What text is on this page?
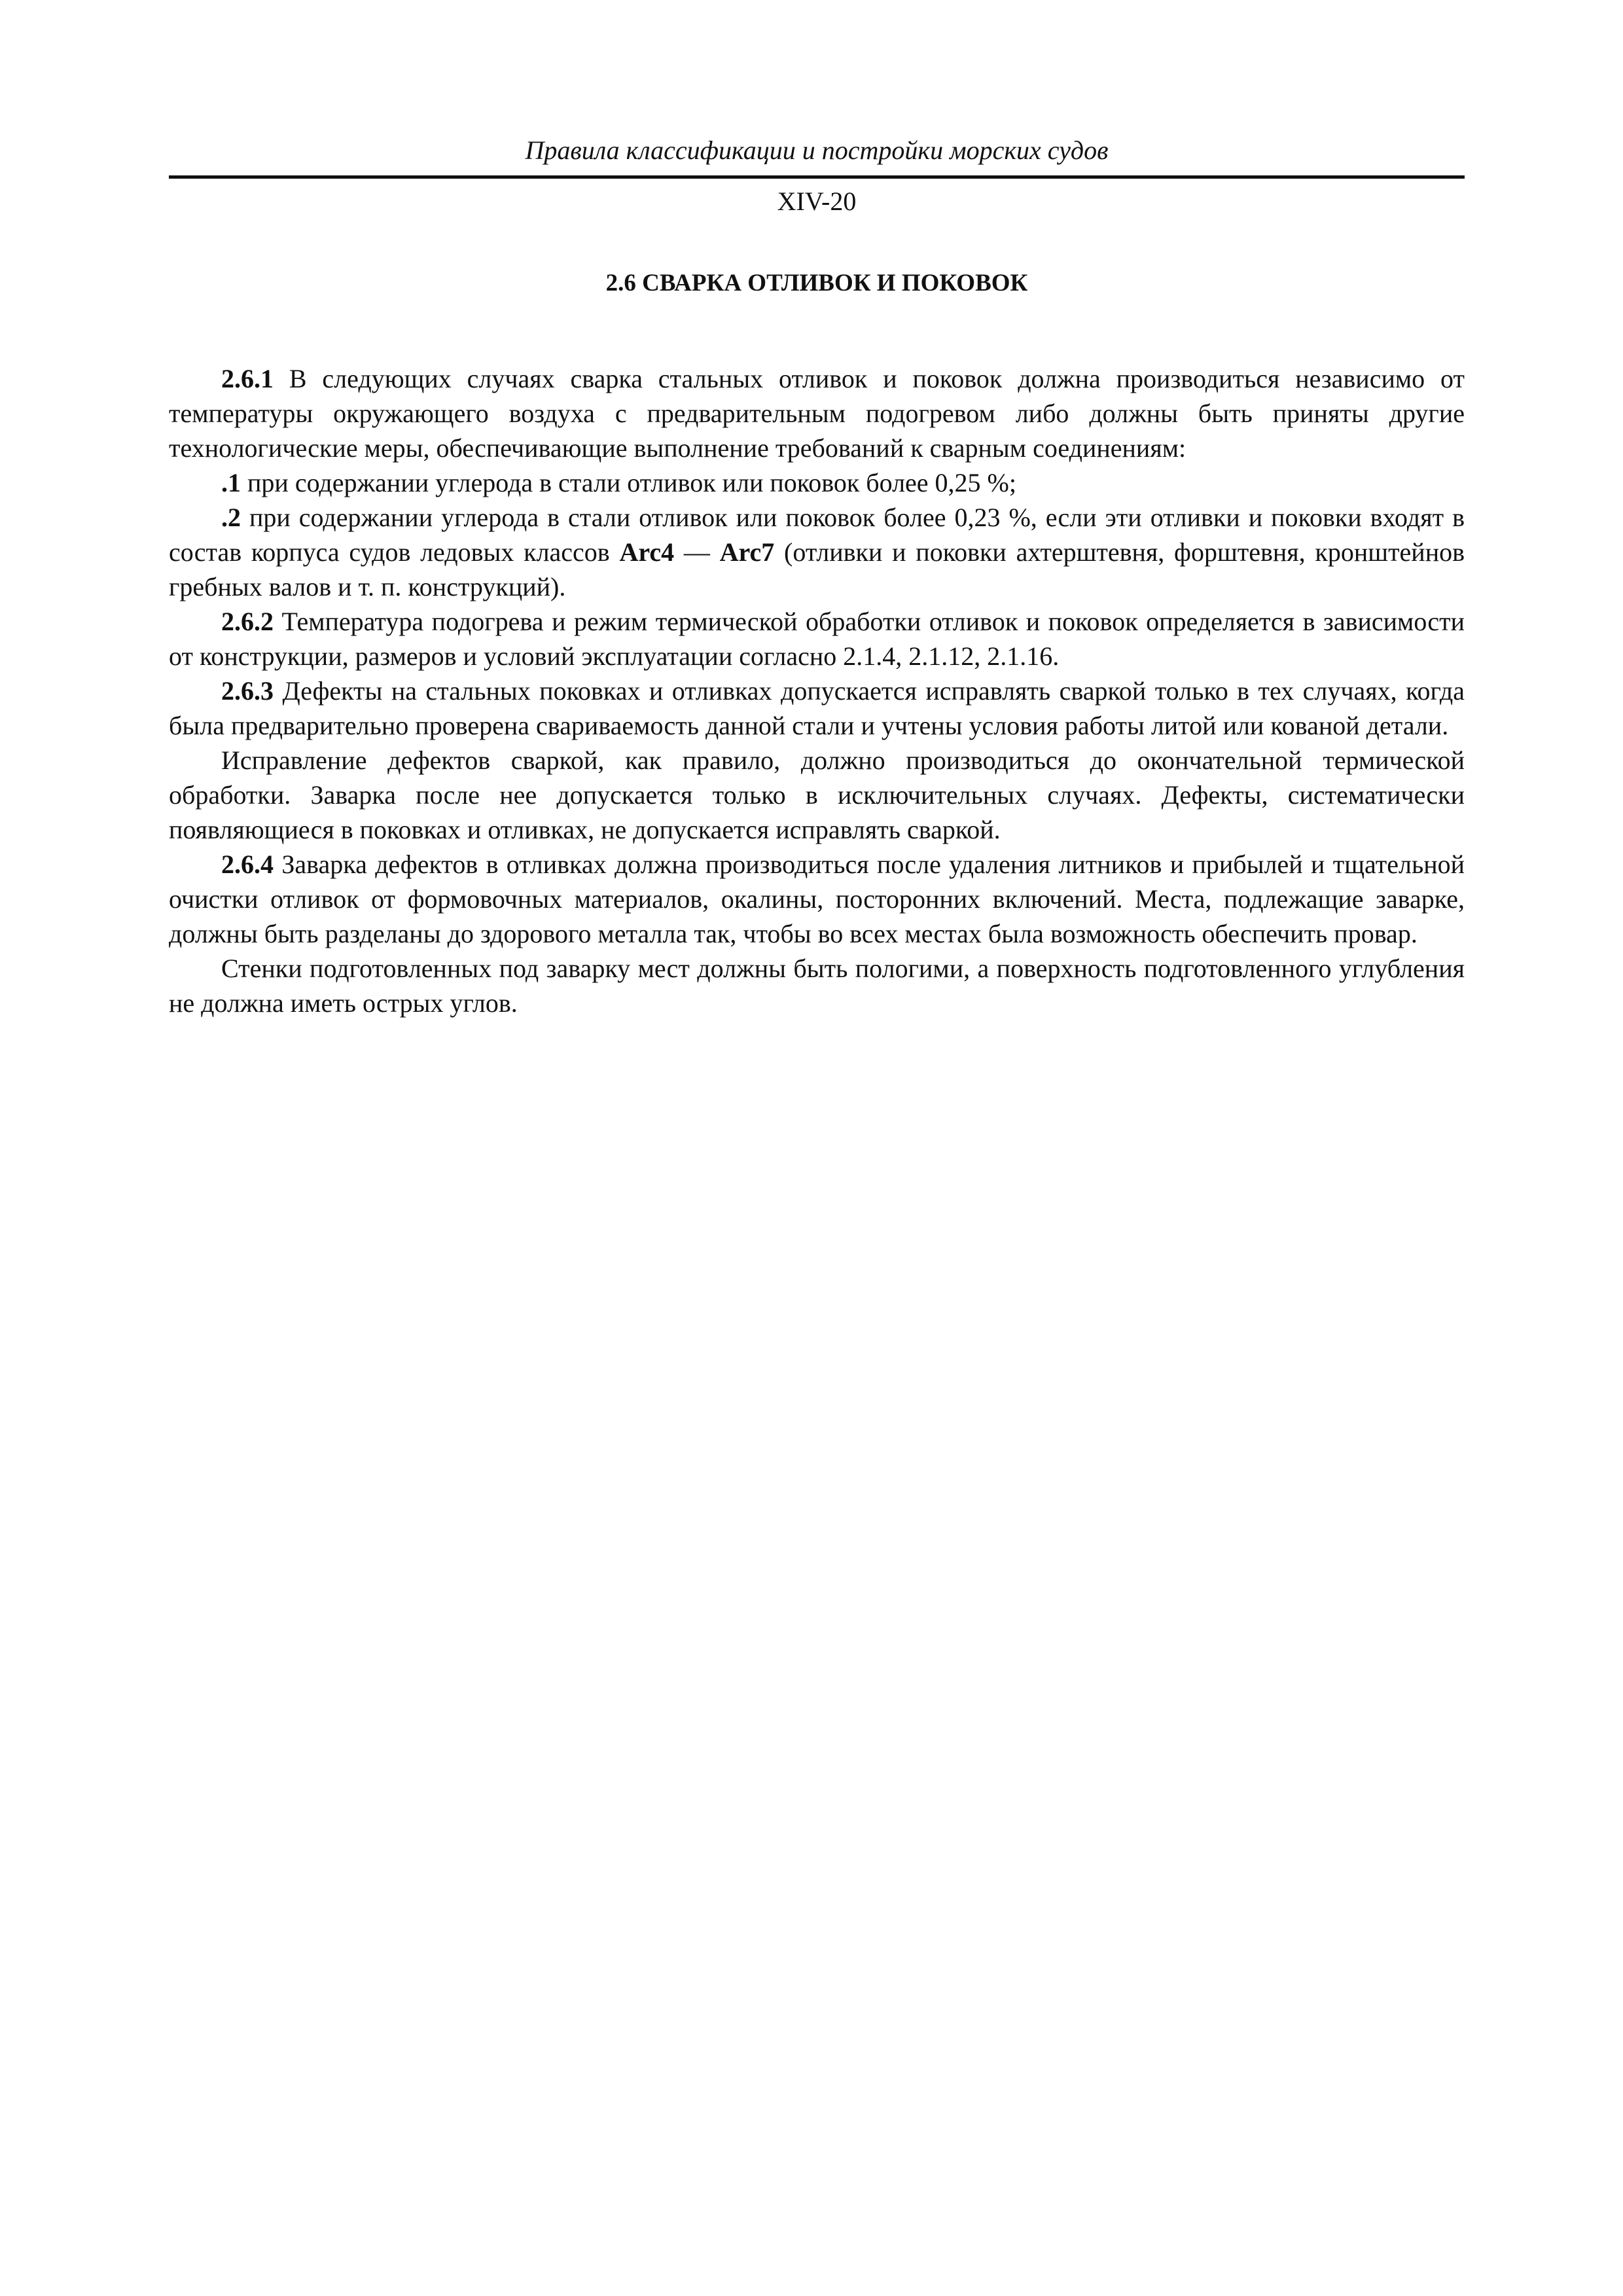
Правила классификации и постройки морских судов
XIV-20
2.6 СВАРКА ОТЛИВОК И ПОКОВОК

2.6.1 В следующих случаях сварка стальных отливок и поковок должна производиться независимо от температуры окружающего воздуха с предварительным подогревом либо должны быть приняты другие технологические меры, обеспечивающие выполнение требований к сварным соединениям:

.1 при содержании углерода в стали отливок или поковок более 0,25 %;

.2 при содержании углерода в стали отливок или поковок более 0,23 %, если эти отливки и поковки входят в состав корпуса судов ледовых классов Arc4 — Arc7 (отливки и поковки ахтерштевня, форштевня, кронштейнов гребных валов и т. п. конструкций).

2.6.2 Температура подогрева и режим термической обработки отливок и поковок определяется в зависимости от конструкции, размеров и условий эксплуатации согласно 2.1.4, 2.1.12, 2.1.16.

2.6.3 Дефекты на стальных поковках и отливках допускается исправлять сваркой только в тех случаях, когда была предварительно проверена свариваемость данной стали и учтены условия работы литой или кованой детали.

Исправление дефектов сваркой, как правило, должно производиться до окончательной термической обработки. Заварка после нее допускается только в исключительных случаях. Дефекты, систематически появляющиеся в поковках и отливках, не допускается исправлять сваркой.

2.6.4 Заварка дефектов в отливках должна производиться после удаления литников и прибылей и тщательной очистки отливок от формовочных материалов, окалины, посторонних включений. Места, подлежащие заварке, должны быть разделаны до здорового металла так, чтобы во всех местах была возможность обеспечить провар.

Стенки подготовленных под заварку мест должны быть пологими, а поверхность подготовленного углубления не должна иметь острых углов.
